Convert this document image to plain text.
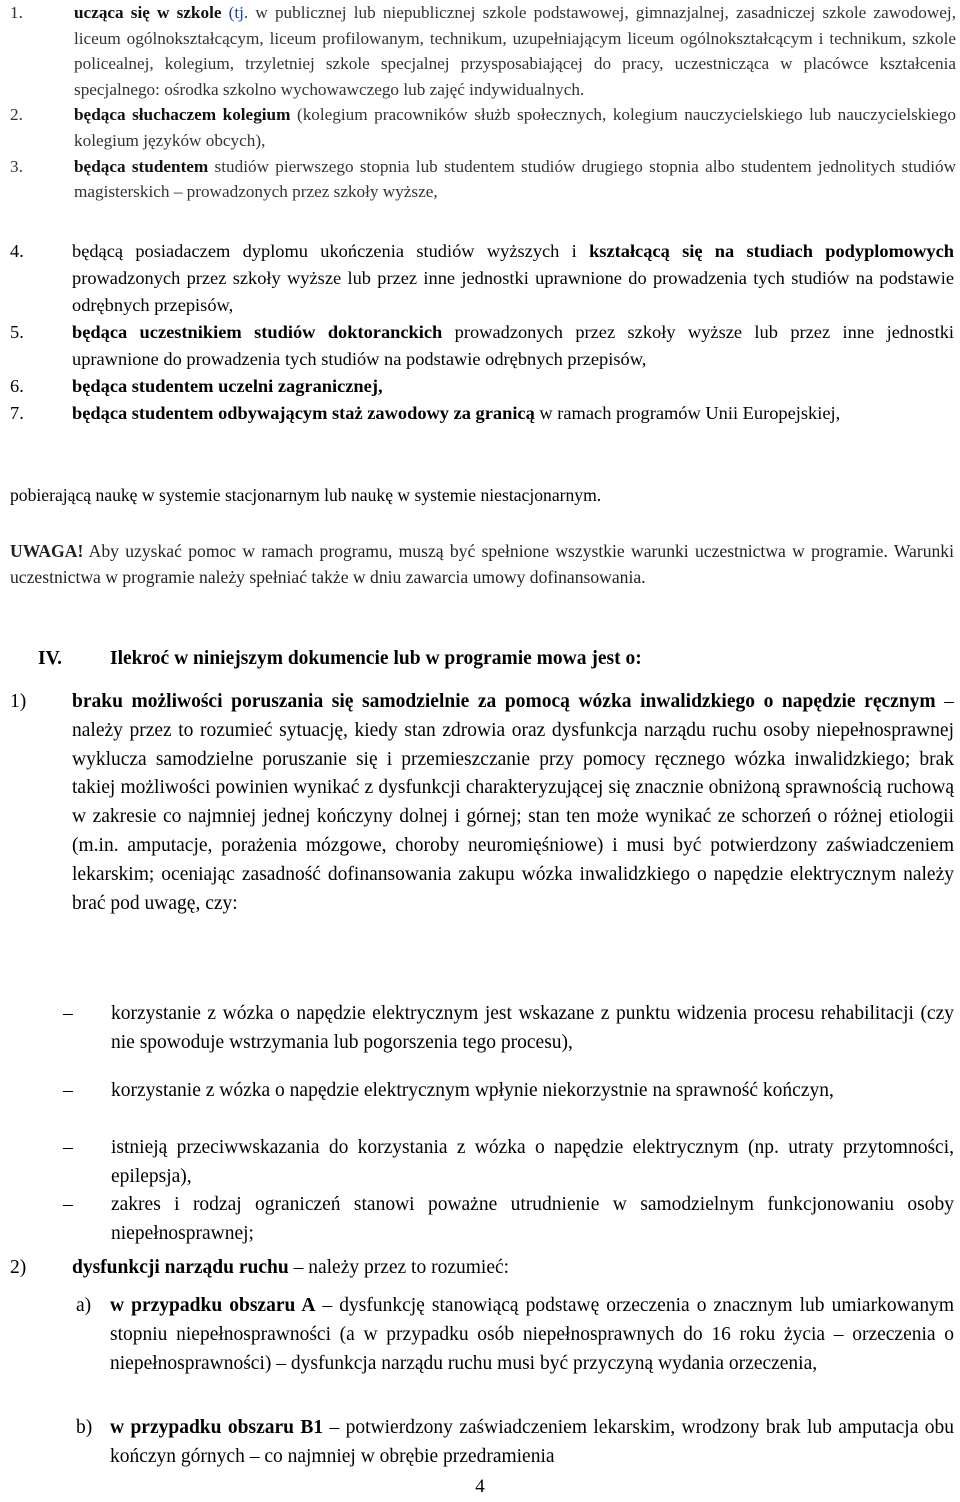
1.	ucząca się w szkole (tj. w publicznej lub niepublicznej szkole podstawowej, gimnazjalnej, zasadniczej szkole zawodowej, liceum ogólnokształcącym, liceum profilowanym, technikum, uzupełniającym liceum ogólnokształcącym i technikum, szkole policealnej, kolegium, trzyletniej szkole specjalnej przysposabiającej do pracy, uczestnicząca w placówce kształcenia specjalnego: ośrodka szkolno wychowawczego lub zajęć indywidualnych.
2.	będąca słuchaczem kolegium (kolegium pracowników służb społecznych, kolegium nauczycielskiego lub nauczycielskiego kolegium języków obcych),
3.	będąca studentem studiów pierwszego stopnia lub studentem studiów drugiego stopnia albo studentem jednolitych studiów magisterskich – prowadzonych przez szkoły wyższe,
4.	będącą posiadaczem dyplomu ukończenia studiów wyższych i kształcącą się na studiach podyplomowych prowadzonych przez szkoły wyższe lub przez inne jednostki uprawnione do prowadzenia tych studiów na podstawie odrębnych przepisów,
5.	będąca uczestnikiem studiów doktoranckich prowadzonych przez szkoły wyższe lub przez inne jednostki uprawnione do prowadzenia tych studiów na podstawie odrębnych przepisów,
6.	będąca studentem uczelni zagranicznej,
7.	będąca studentem odbywającym staż zawodowy za granicą w ramach programów Unii Europejskiej,
pobierającą naukę w systemie stacjonarnym lub naukę w systemie niestacjonarnym.
UWAGA! Aby uzyskać pomoc w ramach programu, muszą być spełnione wszystkie warunki uczestnictwa w programie. Warunki uczestnictwa w programie należy spełniać także w dniu zawarcia umowy dofinansowania.
IV. Ilekroć w niniejszym dokumencie lub w programie mowa jest o:
1)	braku możliwości poruszania się samodzielnie za pomocą wózka inwalidzkiego o napędzie ręcznym – należy przez to rozumieć sytuację, kiedy stan zdrowia oraz dysfunkcja narządu ruchu osoby niepełnosprawnej wyklucza samodzielne poruszanie się i przemieszczanie przy pomocy ręcznego wózka inwalidzkiego; brak takiej możliwości powinien wynikać z dysfunkcji charakteryzującej się znacznie obniżoną sprawnością ruchową w zakresie co najmniej jednej kończyny dolnej i górnej; stan ten może wynikać ze schorzeń o różnej etiologii (m.in. amputacje, porażenia mózgowe, choroby neuromięśniowe) i musi być potwierdzony zaświadczeniem lekarskim; oceniając zasadność dofinansowania zakupu wózka inwalidzkiego o napędzie elektrycznym należy brać pod uwagę, czy:
–	korzystanie z wózka o napędzie elektrycznym jest wskazane z punktu widzenia procesu rehabilitacji (czy nie spowoduje wstrzymania lub pogorszenia tego procesu),
–	korzystanie z wózka o napędzie elektrycznym wpłynie niekorzystnie na sprawność kończyn,
–	istnieją przeciwwskazania do korzystania z wózka o napędzie elektrycznym (np. utraty przytomności, epilepsja),
–	zakres i rodzaj ograniczeń stanowi poważne utrudnienie w samodzielnym funkcjonowaniu osoby niepełnosprawnej;
2)	dysfunkcji narządu ruchu – należy przez to rozumieć:
a) w przypadku obszaru A – dysfunkcję stanowiącą podstawę orzeczenia o znacznym lub umiarkowanym stopniu niepełnosprawności (a w przypadku osób niepełnosprawnych do 16 roku życia – orzeczenia o niepełnosprawności) – dysfunkcja narządu ruchu musi być przyczyną wydania orzeczenia,
b) w przypadku obszaru B1 – potwierdzony zaświadczeniem lekarskim, wrodzony brak lub amputacja obu kończyn górnych – co najmniej w obrębie przedramienia
4
